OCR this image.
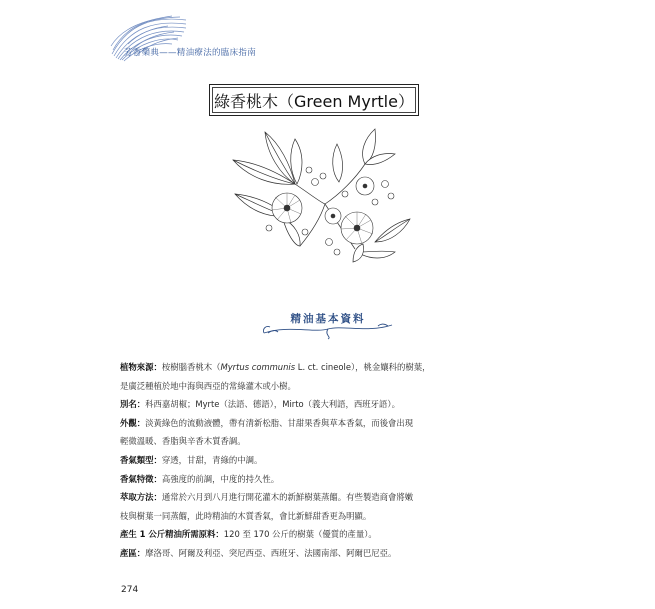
芳香藥典——精油療法的臨床指南
綠香桃木（Green Myrtle）
精油基本資料
植物來源：桉樹腦香桃木（Myrtus communis L. ct. cineole），桃金孃科的樹葉，
是廣泛種植於地中海與西亞的常綠灌木或小樹。
別名：科西嘉胡椒；Myrte（法語、德語），Mirto（義大利語，西班牙語）。
外觀：淡黃綠色的流動液體，帶有清新松脂、甘甜果香與草本香氣，而後會出現
輕微溫暖、香脂與辛香木質香調。
香氣類型：穿透，甘甜，青綠的中調。
香氣特徵：高強度的前調，中度的持久性。
萃取方法：通常於六月到八月進行開花灌木的新鮮樹葉蒸餾。有些製造商會將嫩
枝與樹葉一同蒸餾，此時精油的木質香氣，會比新鮮甜香更為明顯。
產生 1 公斤精油所需原料：120 至 170 公斤的樹葉（優質的產量）。
產區：摩洛哥、阿爾及利亞、突尼西亞、西班牙、法國南部、阿爾巴尼亞。
274
